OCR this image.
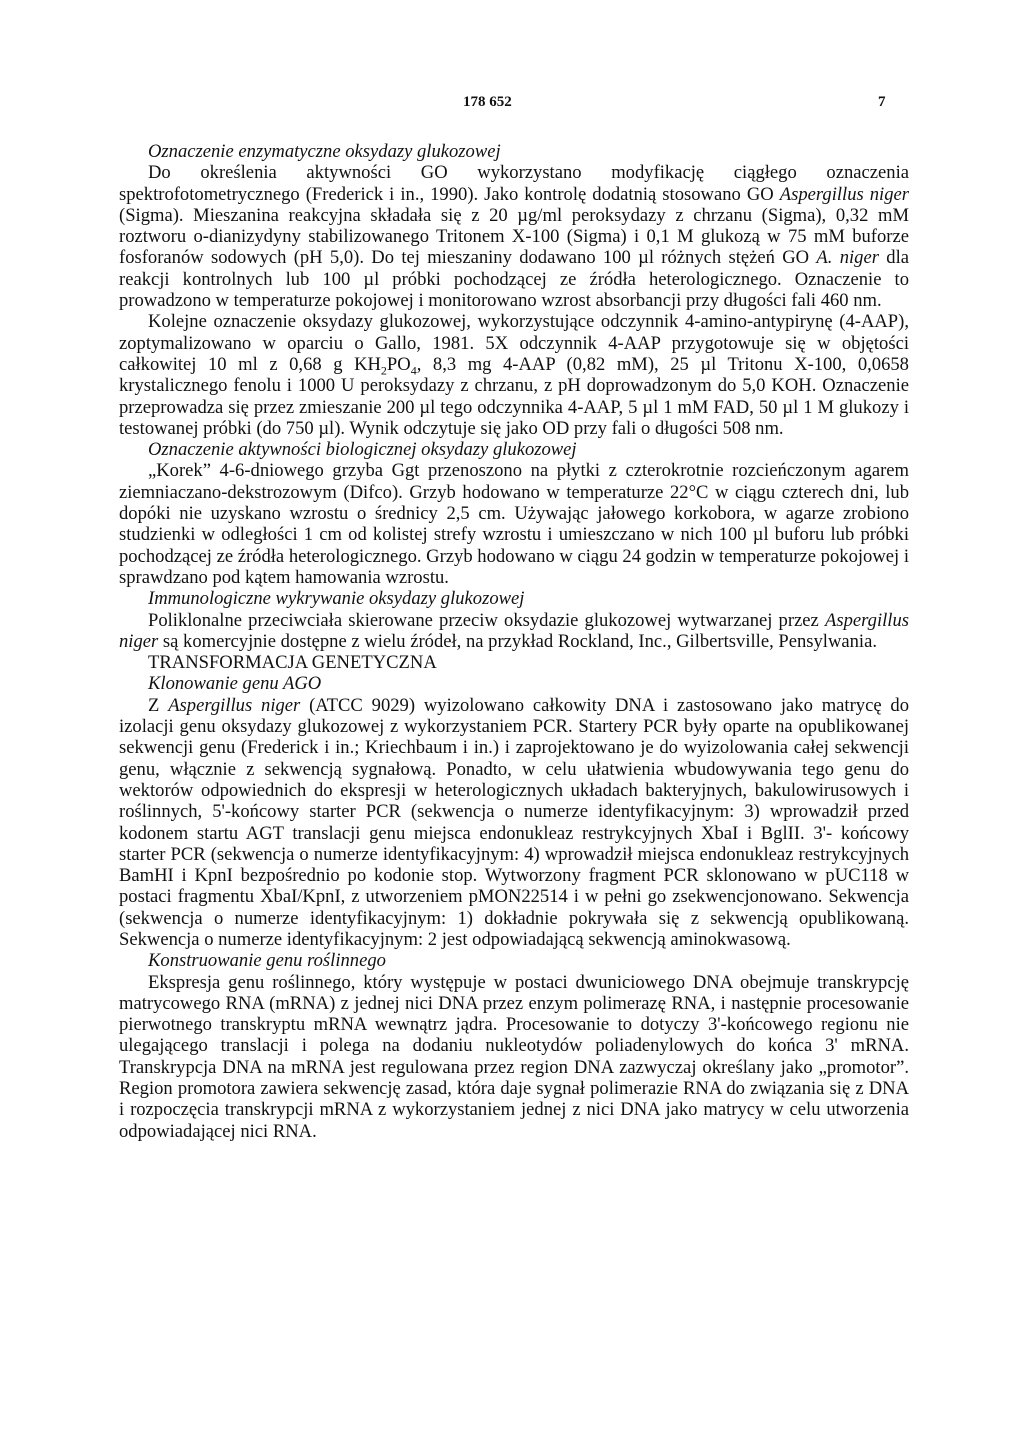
178 652	7

Oznaczenie enzymatyczne oksydazy glukozowej

Do określenia aktywności GO wykorzystano modyfikację ciągłego oznaczenia spektrofotometrycznego (Frederick i in., 1990). Jako kontrolę dodatnią stosowano GO Aspergillus niger (Sigma). Mieszanina reakcyjna składała się z 20 µg/ml peroksydazy z chrzanu (Sigma), 0,32 mM roztworu o-dianizydyny stabilizowanego Tritonem X-100 (Sigma) i 0,1 M glukozą w 75 mM buforze fosforanów sodowych (pH 5,0). Do tej mieszaniny dodawano 100 µl różnych stężeń GO A. niger dla reakcji kontrolnych lub 100 µl próbki pochodzącej ze źródła heterologicznego. Oznaczenie to prowadzono w temperaturze pokojowej i monitorowano wzrost absorbancji przy długości fali 460 nm.

Kolejne oznaczenie oksydazy glukozowej, wykorzystujące odczynnik 4-amino-antypirynę (4-AAP), zoptymalizowano w oparciu o Gallo, 1981. 5X odczynnik 4-AAP przygotowuje się w objętości całkowitej 10 ml z 0,68 g $KH_2PO_4$, 8,3 mg 4-AAP (0,82 mM), 25 µl Tritonu X-100, 0,0658 krystalicznego fenolu i 1000 U peroksydazy z chrzanu, z pH doprowadzonym do 5,0 KOH. Oznaczenie przeprowadza się przez zmieszanie 200 µl tego odczynnika 4-AAP, 5 µl 1 mM FAD, 50 µl 1 M glukozy i testowanej próbki (do 750 µl). Wynik odczytuje się jako OD przy fali o długości 508 nm.

Oznaczenie aktywności biologicznej oksydazy glukozowej

„Korek” 4-6-dniowego grzyba Ggt przenoszono na płytki z czterokrotnie rozcieńczonym agarem ziemniaczano-dekstrozowym (Difco). Grzyb hodowano w temperaturze 22°C w ciągu czterech dni, lub dopóki nie uzyskano wzrostu o średnicy 2,5 cm. Używając jałowego korkobora, w agarze zrobiono studzienki w odległości 1 cm od kolistej strefy wzrostu i umieszczano w nich 100 µl buforu lub próbki pochodzącej ze źródła heterologicznego. Grzyb hodowano w ciągu 24 godzin w temperaturze pokojowej i sprawdzano pod kątem hamowania wzrostu.

Immunologiczne wykrywanie oksydazy glukozowej

Poliklonalne przeciwciała skierowane przeciw oksydazie glukozowej wytwarzanej przez Aspergillus niger są komercyjnie dostępne z wielu źródeł, na przykład Rockland, Inc., Gilbertsville, Pensylwania.

TRANSFORMACJA GENETYCZNA

Klonowanie genu AGO

Z Aspergillus niger (ATCC 9029) wyizolowano całkowity DNA i zastosowano jako matrycę do izolacji genu oksydazy glukozowej z wykorzystaniem PCR. Startery PCR były oparte na opublikowanej sekwencji genu (Frederick i in.; Kriechbaum i in.) i zaprojektowano je do wyizolowania całej sekwencji genu, włącznie z sekwencją sygnałową. Ponadto, w celu ułatwienia wbudowywania tego genu do wektorów odpowiednich do ekspresji w heterologicznych układach bakteryjnych, bakulowirusowych i roślinnych, 5'-końcowy starter PCR (sekwencja o numerze identyfikacyjnym: 3) wprowadził przed kodonem startu AGT translacji genu miejsca endonukleaz restrykcyjnych XbaI i BglII. 3'- końcowy starter PCR (sekwencja o numerze identyfikacyjnym: 4) wprowadził miejsca endonukleaz restrykcyjnych BamHI i KpnI bezpośrednio po kodonie stop. Wytworzony fragment PCR sklonowano w pUC118 w postaci fragmentu XbaI/KpnI, z utworzeniem pMON22514 i w pełni go zsekwencjonowano. Sekwencja (sekwencja o numerze identyfikacyjnym: 1) dokładnie pokrywała się z sekwencją opublikowaną. Sekwencja o numerze identyfikacyjnym: 2 jest odpowiadającą sekwencją aminokwasową.

Konstruowanie genu roślinnego

Ekspresja genu roślinnego, który występuje w postaci dwuniciowego DNA obejmuje transkrypcję matrycowego RNA (mRNA) z jednej nici DNA przez enzym polimerazę RNA, i następnie procesowanie pierwotnego transkryptu mRNA wewnątrz jądra. Procesowanie to dotyczy 3'-końcowego regionu nie ulegającego translacji i polega na dodaniu nukleotydów poliadenylowych do końca 3' mRNA. Transkrypcja DNA na mRNA jest regulowana przez region DNA zazwyczaj określany jako „promotor”. Region promotora zawiera sekwencję zasad, która daje sygnał polimerazie RNA do związania się z DNA i rozpoczęcia transkrypcji mRNA z wykorzystaniem jednej z nici DNA jako matrycy w celu utworzenia odpowiadającej nici RNA.
